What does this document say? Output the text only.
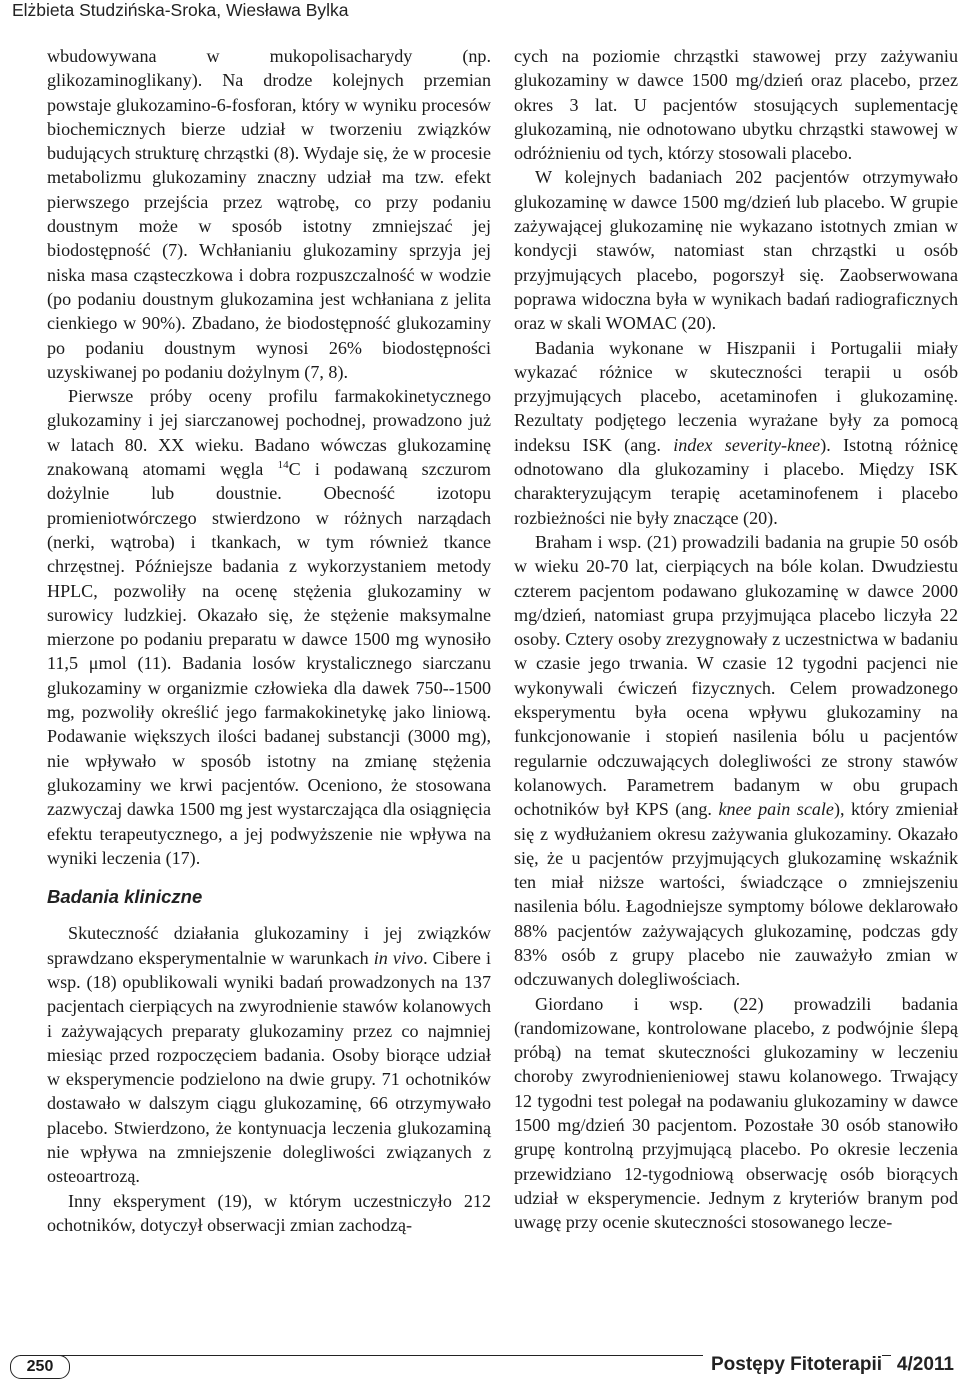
Elżbieta Studzińska-Sroka, Wiesława Bylka

wbudowywana w mukopolisacharydy (np. glikozaminoglikany). Na drodze kolejnych przemian powstaje glukozamino-6-fosforan, który w wyniku procesów biochemicznych bierze udział w tworzeniu związków budujących strukturę chrząstki (8). Wydaje się, że w procesie metabolizmu glukozaminy znaczny udział ma tzw. efekt pierwszego przejścia przez wątrobę, co przy podaniu doustnym może w sposób istotny zmniejszać jej biodostępność (7). Wchłanianiu glukozaminy sprzyja jej niska masa cząsteczkowa i dobra rozpuszczalność w wodzie (po podaniu doustnym glukozamina jest wchłaniana z jelita cienkiego w 90%). Zbadano, że biodostępność glukozaminy po podaniu doustnym wynosi 26% biodostępności uzyskiwanej po podaniu dożylnym (7, 8).

Pierwsze próby oceny profilu farmakokinetycznego glukozaminy i jej siarczanowej pochodnej, prowadzono już w latach 80. XX wieku. Badano wówczas glukozaminę znakowaną atomami węgla $^{14}$C i podawaną szczurom dożylnie lub doustnie. Obecność izotopu promieniotwórczego stwierdzono w różnych narządach (nerki, wątroba) i tkankach, w tym również tkance chrzęstnej. Późniejsze badania z wykorzystaniem metody HPLC, pozwoliły na ocenę stężenia glukozaminy w surowicy ludzkiej. Okazało się, że stężenie maksymalne mierzone po podaniu preparatu w dawce 1500 mg wynosiło 11,5 μmol (11). Badania losów krystalicznego siarczanu glukozaminy w organizmie człowieka dla dawek 750--1500 mg, pozwoliły określić jego farmakokinetykę jako liniową. Podawanie większych ilości badanej substancji (3000 mg), nie wpływało w sposób istotny na zmianę stężenia glukozaminy we krwi pacjentów. Oceniono, że stosowana zazwyczaj dawka 1500 mg jest wystarczająca dla osiągnięcia efektu terapeutycznego, a jej podwyższenie nie wpływa na wyniki leczenia (17).

Badania kliniczne

Skuteczność działania glukozaminy i jej związków sprawdzano eksperymentalnie w warunkach in vivo. Cibere i wsp. (18) opublikowali wyniki badań prowadzonych na 137 pacjentach cierpiących na zwyrodnienie stawów kolanowych i zażywających preparaty glukozaminy przez co najmniej miesiąc przed rozpoczęciem badania. Osoby biorące udział w eksperymencie podzielono na dwie grupy. 71 ochotników dostawało w dalszym ciągu glukozaminę, 66 otrzymywało placebo. Stwierdzono, że kontynuacja leczenia glukozaminą nie wpływa na zmniejszenie dolegliwości związanych z osteoartrozą.

Inny eksperyment (19), w którym uczestniczyło 212 ochotników, dotyczył obserwacji zmian zachodzą-

cych na poziomie chrząstki stawowej przy zażywaniu glukozaminy w dawce 1500 mg/dzień oraz placebo, przez okres 3 lat. U pacjentów stosujących suplementację glukozaminą, nie odnotowano ubytku chrząstki stawowej w odróżnieniu od tych, którzy stosowali placebo.

W kolejnych badaniach 202 pacjentów otrzymywało glukozaminę w dawce 1500 mg/dzień lub placebo. W grupie zażywającej glukozaminę nie wykazano istotnych zmian w kondycji stawów, natomiast stan chrząstki u osób przyjmujących placebo, pogorszył się. Zaobserwowana poprawa widoczna była w wynikach badań radiograficznych oraz w skali WOMAC (20).

Badania wykonane w Hiszpanii i Portugalii miały wykazać różnice w skuteczności terapii u osób przyjmujących placebo, acetaminofen i glukozaminę. Rezultaty podjętego leczenia wyrażane były za pomocą indeksu ISK (ang. index severity-knee). Istotną różnicę odnotowano dla glukozaminy i placebo. Między ISK charakteryzującym terapię acetaminofenem i placebo rozbieżności nie były znaczące (20).

Braham i wsp. (21) prowadzili badania na grupie 50 osób w wieku 20-70 lat, cierpiących na bóle kolan. Dwudziestu czterem pacjentom podawano glukozaminę w dawce 2000 mg/dzień, natomiast grupa przyjmująca placebo liczyła 22 osoby. Cztery osoby zrezygnowały z uczestnictwa w badaniu w czasie jego trwania. W czasie 12 tygodni pacjenci nie wykonywali ćwiczeń fizycznych. Celem prowadzonego eksperymentu była ocena wpływu glukozaminy na funkcjonowanie i stopień nasilenia bólu u pacjentów regularnie odczuwających dolegliwości ze strony stawów kolanowych. Parametrem badanym w obu grupach ochotników był KPS (ang. knee pain scale), który zmieniał się z wydłużaniem okresu zażywania glukozaminy. Okazało się, że u pacjentów przyjmujących glukozaminę wskaźnik ten miał niższe wartości, świadczące o zmniejszeniu nasilenia bólu. Łagodniejsze symptomy bólowe deklarowało 88% pacjentów zażywających glukozaminę, podczas gdy 83% osób z grupy placebo nie zauważyło zmian w odczuwanych dolegliwościach.

Giordano i wsp. (22) prowadzili badania (randomizowane, kontrolowane placebo, z podwójnie ślepą próbą) na temat skuteczności glukozaminy w leczeniu choroby zwyrodnienieniowej stawu kolanowego. Trwający 12 tygodni test polegał na podawaniu glukozaminy w dawce 1500 mg/dzień 30 pacjentom. Pozostałe 30 osób stanowiło grupę kontrolną przyjmującą placebo. Po okresie leczenia przewidziano 12-tygodniową obserwację osób biorących udział w eksperymencie. Jednym z kryteriów branym pod uwagę przy ocenie skuteczności stosowanego lecze-

250	Postępy Fitoterapii 4/2011
